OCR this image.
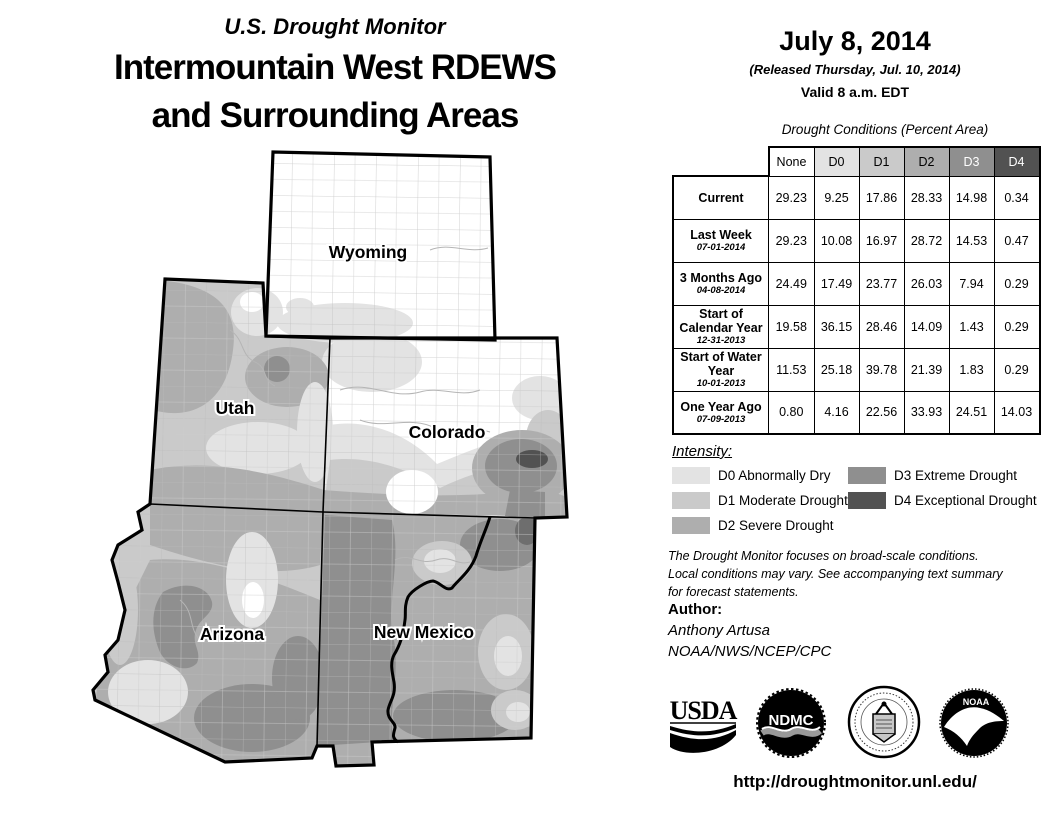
Wyoming
Utah
Colorado
Arizona	New Mexico
U.S. Drought Monitor
Intermountain West RDEWS
and Surrounding Areas
July 8, 2014
(Released Thursday, Jul. 10, 2014)
Valid 8 a.m. EDT
Drought Conditions (Percent Area)
	None	D0	D1	D2	D3	D4

Current	29.23	9.25	17.86	28.33	14.98	0.34

Last Week
07-01-2014	29.23	10.08	16.97	28.72	14.53	0.47

3 Months Ago
04-08-2014	24.49	17.49	23.77	26.03	7.94	0.29

Start of Calendar Year
12-31-2013	19.58	36.15	28.46	14.09	1.43	0.29

Start of Water Year
10-01-2013	11.53	25.18	39.78	21.39	1.83	0.29

One Year Ago
07-09-2013	0.80	4.16	22.56	33.93	24.51	14.03
Intensity:
D0 Abnormally Dry
D1 Moderate Drought
D2 Severe Drought
D3 Extreme Drought
D4 Exceptional Drought
The Drought Monitor focuses on broad-scale conditions.
Local conditions may vary. See accompanying text summary
for forecast statements.
Author:
Anthony Artusa
NOAA/NWS/NCEP/CPC
USDA NDMC
NOAA
http://droughtmonitor.unl.edu/
